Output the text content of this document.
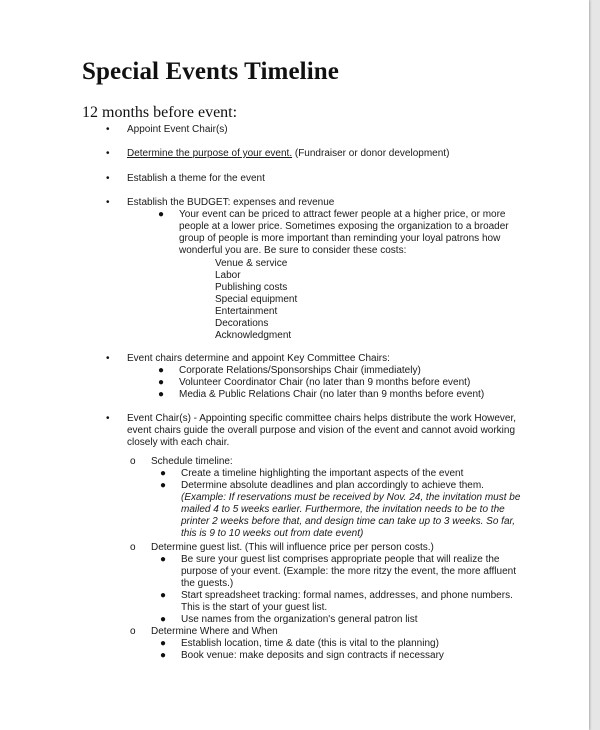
Special Events Timeline
12 months before event:
• Appoint Event Chair(s)
• Determine the purpose of your event. (Fundraiser or donor development)
• Establish a theme for the event
• Establish the BUDGET: expenses and revenue
● Your event can be priced to attract fewer people at a higher price, or more
people at a lower price. Sometimes exposing the organization to a broader
group of people is more important than reminding your loyal patrons how
wonderful you are. Be sure to consider these costs:
Venue & service
Labor
Publishing costs
Special equipment
Entertainment
Decorations
Acknowledgment
• Event chairs determine and appoint Key Committee Chairs:
● Corporate Relations/Sponsorships Chair (immediately)
● Volunteer Coordinator Chair (no later than 9 months before event)
● Media & Public Relations Chair (no later than 9 months before event)
• Event Chair(s) - Appointing specific committee chairs helps distribute the work However,
event chairs guide the overall purpose and vision of the event and cannot avoid working
closely with each chair.
o Schedule timeline:
● Create a timeline highlighting the important aspects of the event
● Determine absolute deadlines and plan accordingly to achieve them.
(Example: If reservations must be received by Nov. 24, the invitation must be
mailed 4 to 5 weeks earlier. Furthermore, the invitation needs to be to the
printer 2 weeks before that, and design time can take up to 3 weeks. So far,
this is 9 to 10 weeks out from date event)
o Determine guest list. (This will influence price per person costs.)
● Be sure your guest list comprises appropriate people that will realize the
purpose of your event. (Example: the more ritzy the event, the more affluent
the guests.)
● Start spreadsheet tracking: formal names, addresses, and phone numbers.
This is the start of your guest list.
● Use names from the organization's general patron list
o Determine Where and When
● Establish location, time & date (this is vital to the planning)
● Book venue: make deposits and sign contracts if necessary
